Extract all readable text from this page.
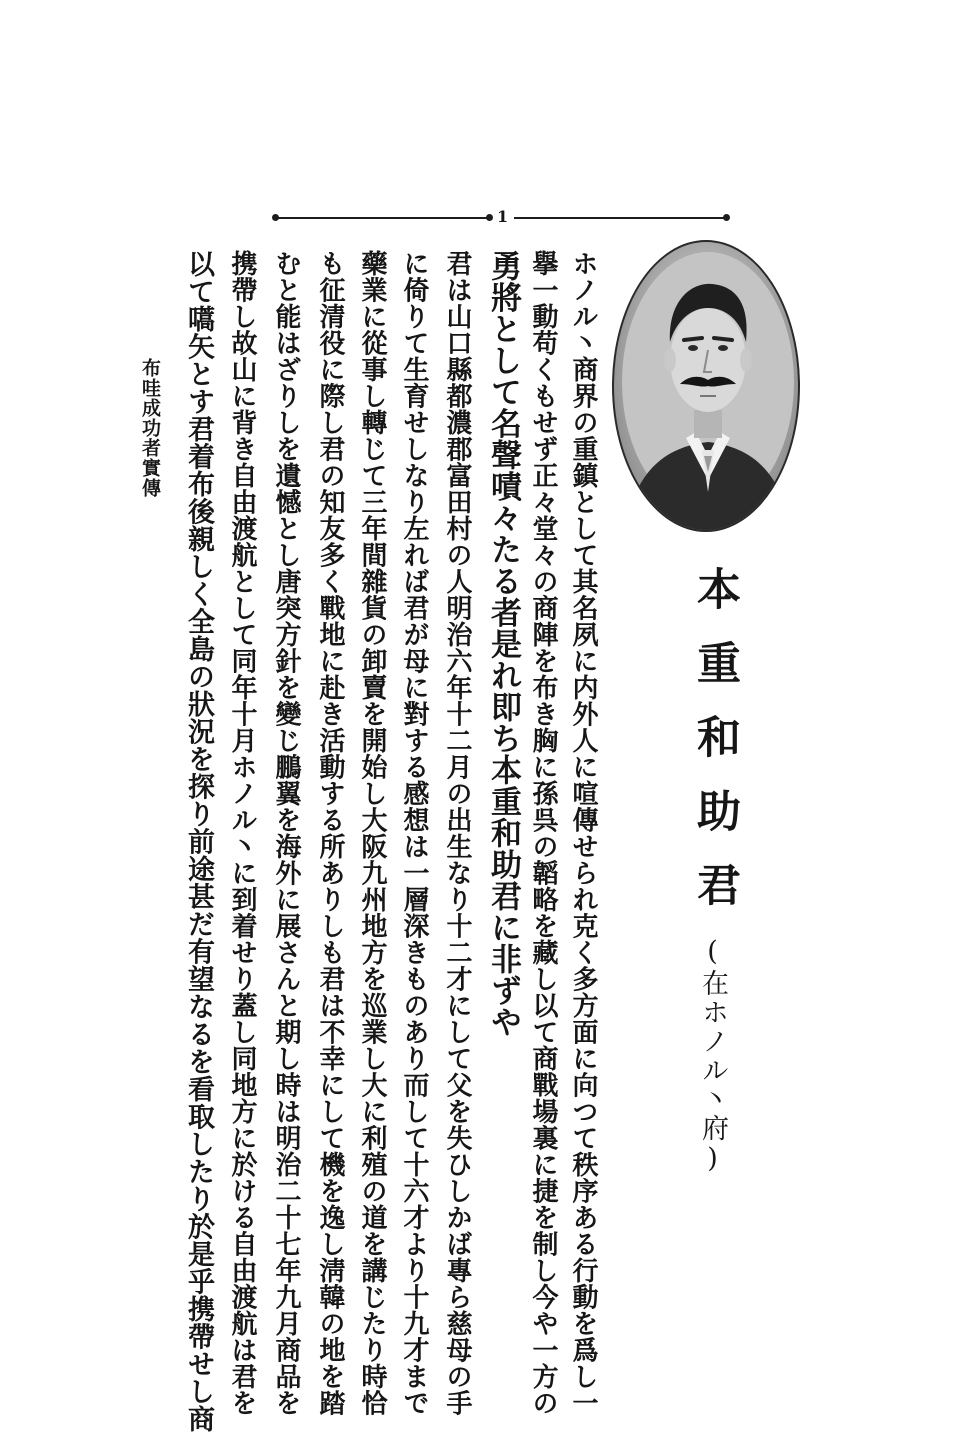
1
本重和助君
(在ホノル丶府)
ホノル丶商界の重鎮として其名夙に内外人に喧傳せられ克く多方面に向つて秩序ある行動を爲し一
擧一動苟くもせず正々堂々の商陣を布き胸に孫呉の韜略を藏し以て商戰場裏に捷を制し今や一方の
勇將として名聲嘖々たる者是れ即ち本重和助君に非ずや
君は山口縣都濃郡富田村の人明治六年十二月の出生なり十二才にして父を失ひしかば專ら慈母の手
に倚りて生育せしなり左れば君が母に對する感想は一層深きものあり而して十六才より十九才まで
藥業に從事し轉じて三年間雜貨の卸賣を開始し大阪九州地方を巡業し大に利殖の道を講じたり時恰
も征清役に際し君の知友多く戰地に赴き活動する所ありしも君は不幸にして機を逸し淸韓の地を踏
むと能はざりしを遺憾とし唐突方針を變じ鵬翼を海外に展さんと期し時は明治二十七年九月商品を
携帶し故山に背き自由渡航として同年十月ホノル丶に到着せり蓋し同地方に於ける自由渡航は君を
以て嚆矢とす君着布後親しく全島の狀況を探り前途甚だ有望なるを看取したり於是乎携帶せし商
布哇成功者實傳
